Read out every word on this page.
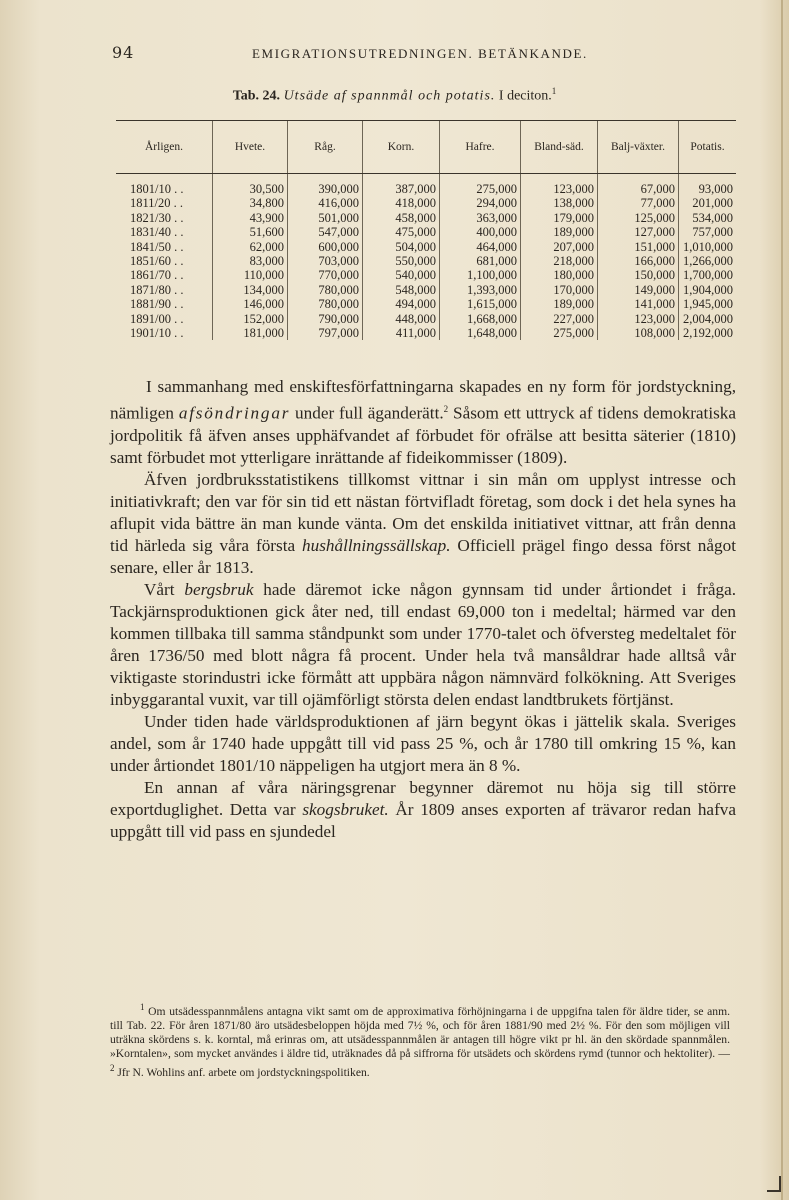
94	EMIGRATIONSUTREDNINGEN. BETÄNKANDE.
Tab. 24. Utsäde af spannmål och potatis. I deciton.$^1$
Årligen.	Hvete.	Råg.	Korn.	Hafre.	Bland-säd.	Balj-växter.	Potatis.
1801/10 . .	30,500	390,000	387,000	275,000	123,000	67,000	93,000
1811/20 . .	34,800	416,000	418,000	294,000	138,000	77,000	201,000
1821/30 . .	43,900	501,000	458,000	363,000	179,000	125,000	534,000
1831/40 . .	51,600	547,000	475,000	400,000	189,000	127,000	757,000
1841/50 . .	62,000	600,000	504,000	464,000	207,000	151,000	1,010,000
1851/60 . .	83,000	703,000	550,000	681,000	218,000	166,000	1,266,000
1861/70 . .	110,000	770,000	540,000	1,100,000	180,000	150,000	1,700,000
1871/80 . .	134,000	780,000	548,000	1,393,000	170,000	149,000	1,904,000
1881/90 . .	146,000	780,000	494,000	1,615,000	189,000	141,000	1,945,000
1891/00 . .	152,000	790,000	448,000	1,668,000	227,000	123,000	2,004,000
1901/10 . .	181,000	797,000	411,000	1,648,000	275,000	108,000	2,192,000

I sammanhang med enskiftesförfattningarna skapades en ny form för jordstyckning, nämligen afsöndringar under full äganderätt.$^2$ Såsom ett uttryck af tidens demokratiska jordpolitik få äfven anses upphäfvandet af förbudet för ofrälse att besitta säterier (1810) samt förbudet mot ytterligare inrättande af fideikommisser (1809).

Äfven jordbruksstatistikens tillkomst vittnar i sin mån om upplyst intresse och initiativkraft; den var för sin tid ett nästan förtvifladt företag, som dock i det hela synes ha aflupit vida bättre än man kunde vänta. Om det enskilda initiativet vittnar, att från denna tid härleda sig våra första hushållningssällskap. Officiell prägel fingo dessa först något senare, eller år 1813.

Vårt bergsbruk hade däremot icke någon gynnsam tid under årtiondet i fråga. Tackjärnsproduktionen gick åter ned, till endast 69,000 ton i medeltal; härmed var den kommen tillbaka till samma ståndpunkt som under 1770-talet och öfversteg medeltalet för åren 1736/50 med blott några få procent. Under hela två mansåldrar hade alltså vår viktigaste storindustri icke förmått att uppbära någon nämnvärd folkökning. Att Sveriges inbyggarantal vuxit, var till ojämförligt största delen endast landtbrukets förtjänst.

Under tiden hade världsproduktionen af järn begynt ökas i jättelik skala. Sveriges andel, som år 1740 hade uppgått till vid pass 25 %, och år 1780 till omkring 15 %, kan under årtiondet 1801/10 näppeligen ha utgjort mera än 8 %.

En annan af våra näringsgrenar begynner däremot nu höja sig till större exportduglighet. Detta var skogsbruket. År 1809 anses exporten af trävaror redan hafva uppgått till vid pass en sjundedel

$^1$ Om utsädesspannmålens antagna vikt samt om de approximativa förhöjningarna i de uppgifna talen för äldre tider, se anm. till Tab. 22. För åren 1871/80 äro utsädesbeloppen höjda med 7½ %, och för åren 1881/90 med 2½ %. För den som möjligen vill uträkna skördens s. k. korntal, må erinras om, att utsädesspannmålen är antagen till högre vikt pr hl. än den skördade spannmålen. »Korntalen», som mycket användes i äldre tid, uträknades då på siffrorna för utsädets och skördens rymd (tunnor och hektoliter). — $^2$ Jfr N. Wohlins anf. arbete om jordstyckningspolitiken.
